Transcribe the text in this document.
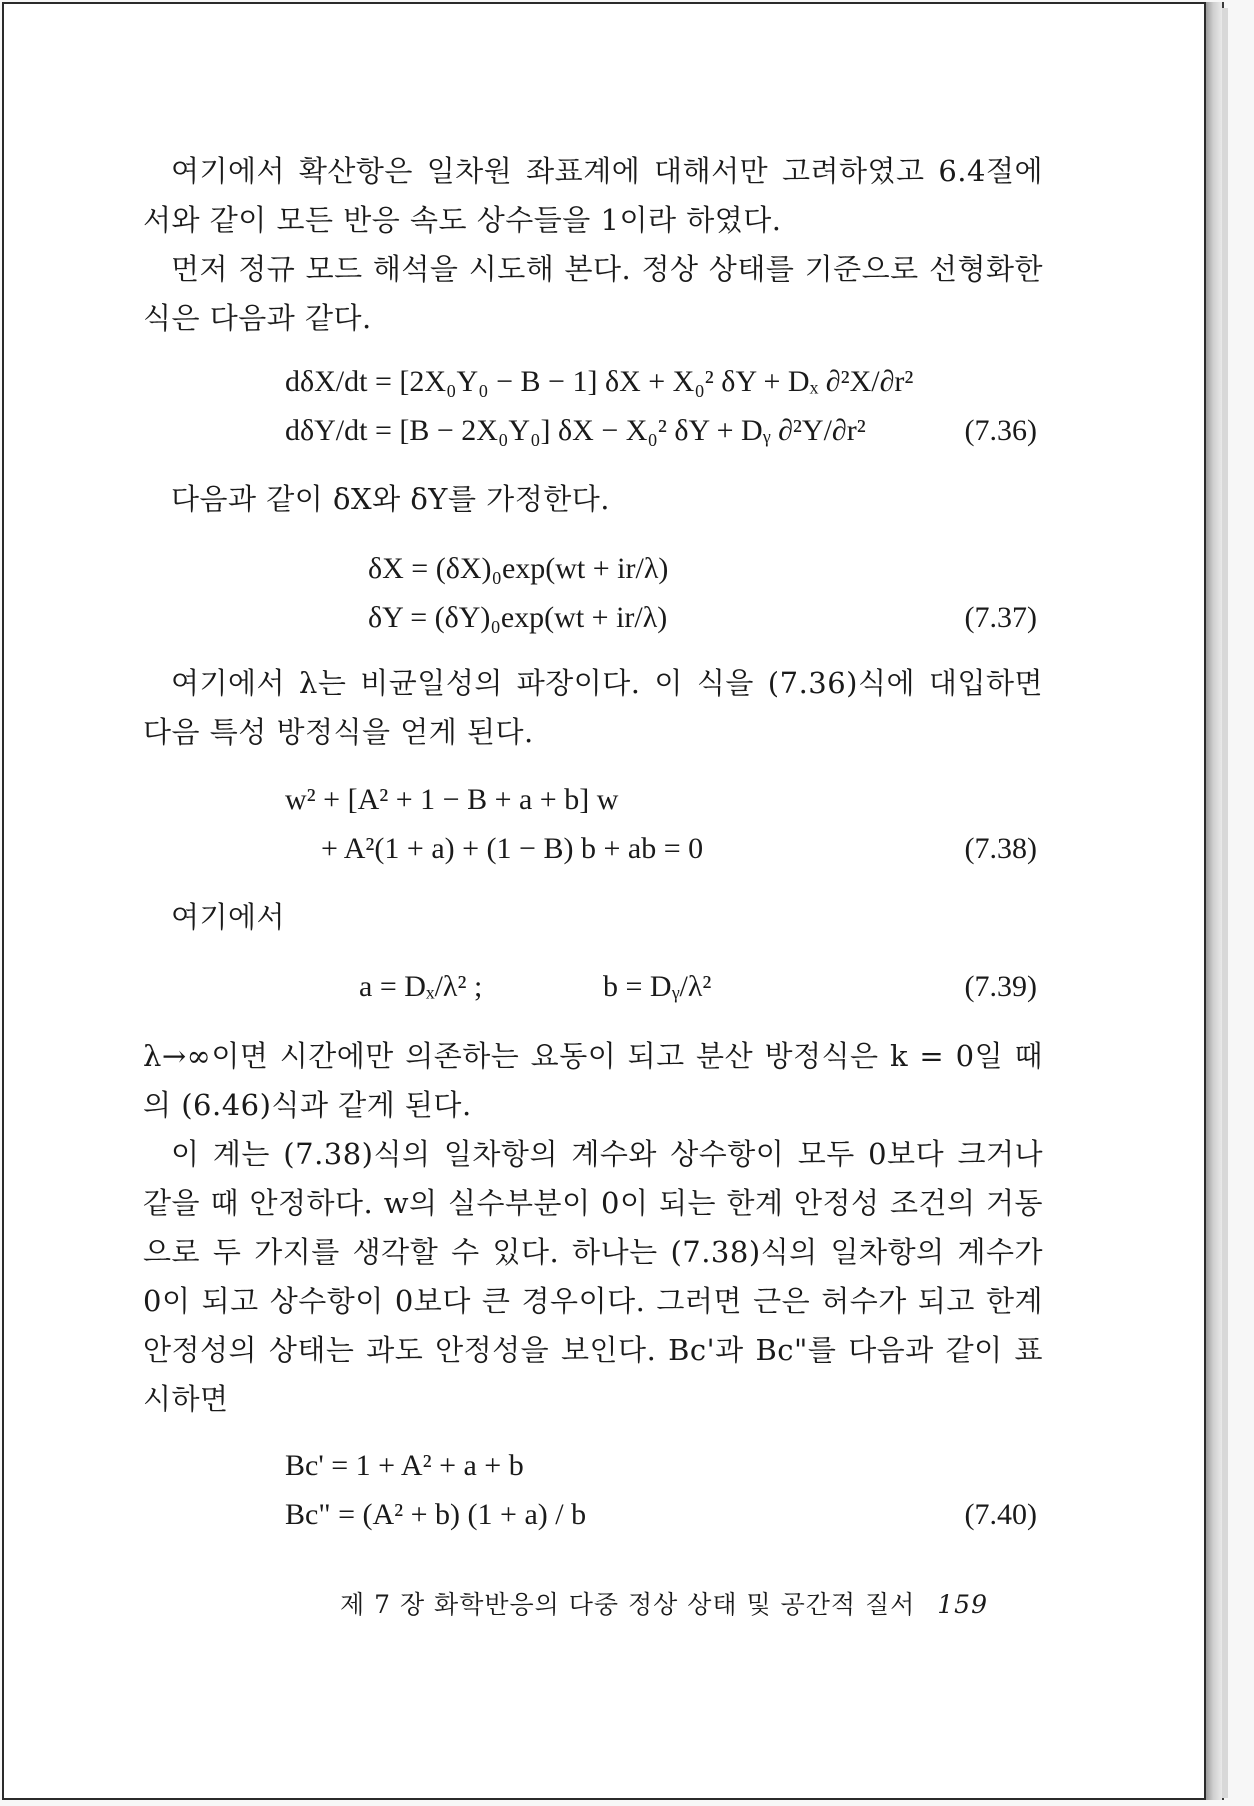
여기에서 확산항은 일차원 좌표계에 대해서만 고려하였고 6.4절에서와 같이 모든 반응 속도 상수들을 1이라 하였다.

먼저 정규 모드 해석을 시도해 본다. 정상 상태를 기준으로 선형화한 식은 다음과 같다.

dδX/dt = [2X₀Y₀ − B − 1] δX + X₀² δY + Dₓ ∂²X/∂r²
dδY/dt = [B − 2X₀Y₀] δX − X₀² δY + Dᵧ ∂²Y/∂r²	(7.36)

다음과 같이 δX와 δY를 가정한다.

δX = (δX)₀exp(wt + ir/λ)
δY = (δY)₀exp(wt + ir/λ)	(7.37)

여기에서 λ는 비균일성의 파장이다. 이 식을 (7.36)식에 대입하면 다음 특성 방정식을 얻게 된다.

w² + [A² + 1 − B + a + b] w
+ A²(1 + a) + (1 − B) b + ab = 0	(7.38)

여기에서

a = Dₓ/λ² ;	b = Dᵧ/λ²	(7.39)

λ→∞이면 시간에만 의존하는 요동이 되고 분산 방정식은 k = 0일 때의 (6.46)식과 같게 된다.

이 계는 (7.38)식의 일차항의 계수와 상수항이 모두 0보다 크거나 같을 때 안정하다. w의 실수부분이 0이 되는 한계 안정성 조건의 거동으로 두 가지를 생각할 수 있다. 하나는 (7.38)식의 일차항의 계수가 0이 되고 상수항이 0보다 큰 경우이다. 그러면 근은 허수가 되고 한계 안정성의 상태는 과도 안정성을 보인다. Bc'과 Bc"를 다음과 같이 표시하면

Bc' = 1 + A² + a + b
Bc" = (A² + b) (1 + a) / b	(7.40)
제 7 장 화학반응의 다중 정상 상태 및 공간적 질서 159
